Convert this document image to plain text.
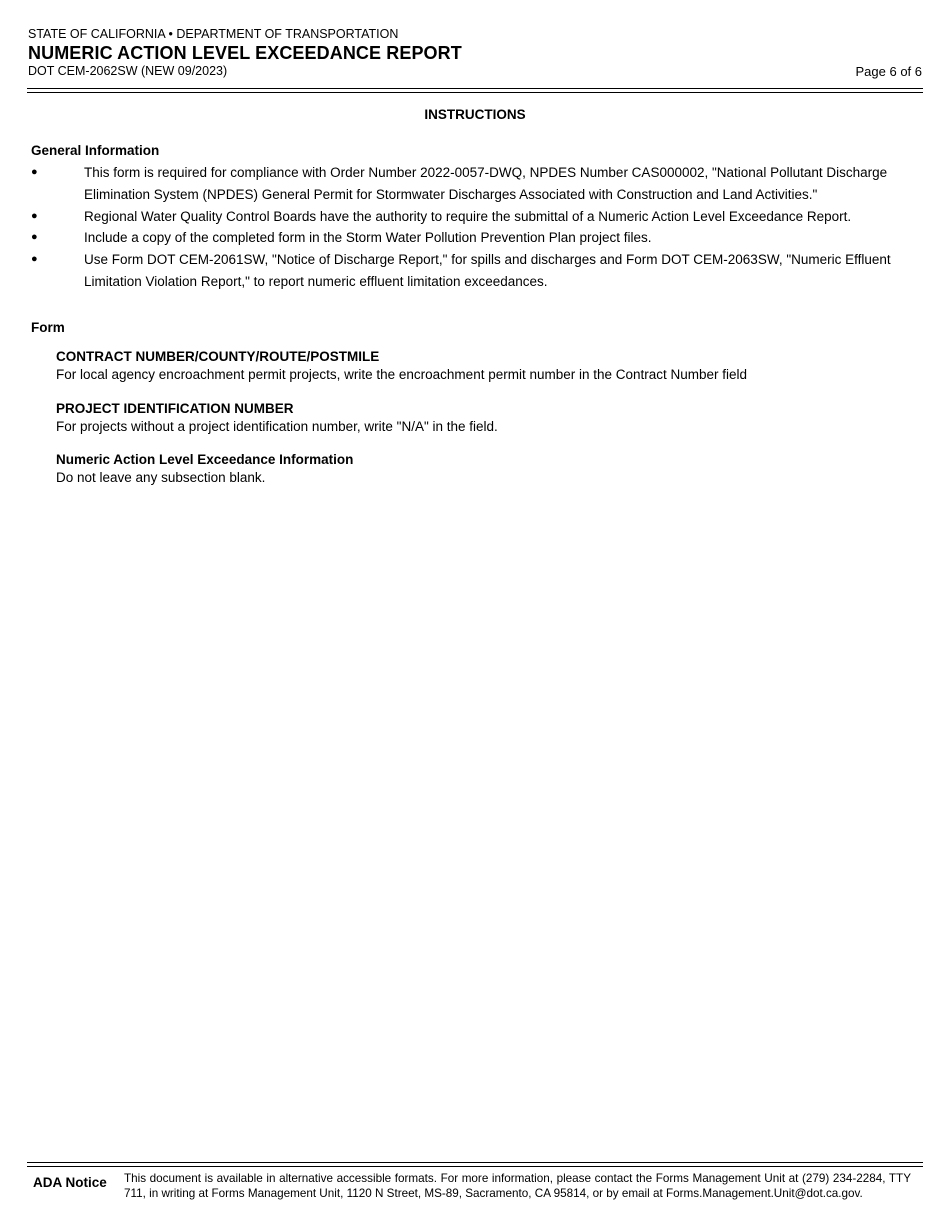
STATE OF CALIFORNIA • DEPARTMENT OF TRANSPORTATION
NUMERIC ACTION LEVEL EXCEEDANCE REPORT
DOT CEM-2062SW (NEW 09/2023)	Page 6 of 6
INSTRUCTIONS
General Information
●	This form is required for compliance with Order Number 2022-0057-DWQ, NPDES Number CAS000002, "National Pollutant Discharge Elimination System (NPDES) General Permit for Stormwater Discharges Associated with Construction and Land Activities."
●	Regional Water Quality Control Boards have the authority to require the submittal of a Numeric Action Level Exceedance Report.
●	Include a copy of the completed form in the Storm Water Pollution Prevention Plan project files.
●	Use Form DOT CEM-2061SW, "Notice of Discharge Report," for spills and discharges and Form DOT CEM-2063SW, "Numeric Effluent Limitation Violation Report," to report numeric effluent limitation exceedances.
Form
CONTRACT NUMBER/COUNTY/ROUTE/POSTMILE
For local agency encroachment permit projects, write the encroachment permit number in the Contract Number field
PROJECT IDENTIFICATION NUMBER
For projects without a project identification number, write "N/A" in the field.
Numeric Action Level Exceedance Information
Do not leave any subsection blank.
ADA Notice This document is available in alternative accessible formats. For more information, please contact the Forms Management Unit at (279) 234-2284, TTY 711, in writing at Forms Management Unit, 1120 N Street, MS-89, Sacramento, CA 95814, or by email at Forms.Management.Unit@dot.ca.gov.
